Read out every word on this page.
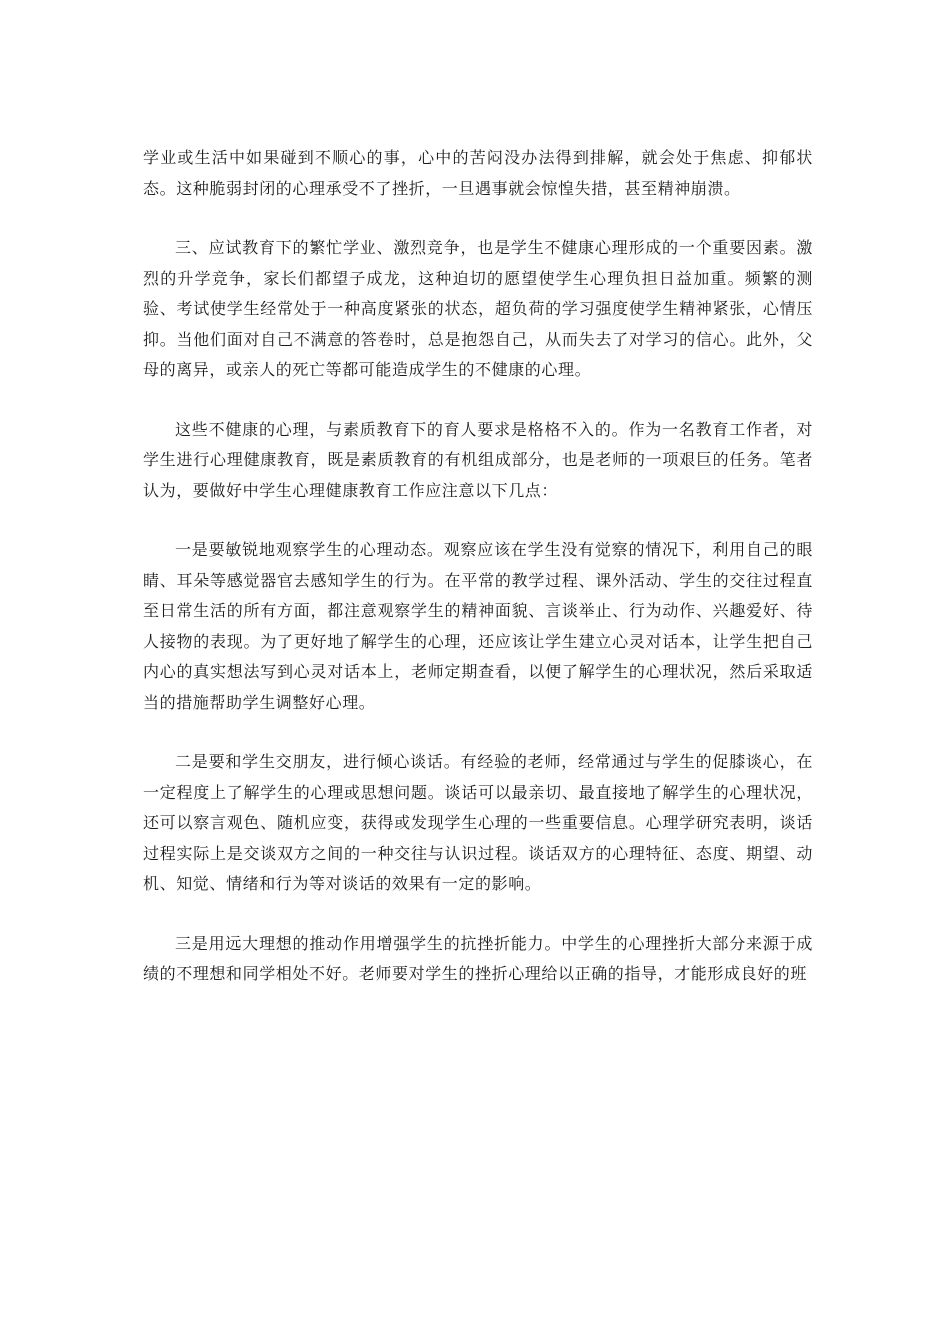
学业或生活中如果碰到不顺心的事，心中的苦闷没办法得到排解，就会处于焦虑、抑郁状态。这种脆弱封闭的心理承受不了挫折，一旦遇事就会惊惶失措，甚至精神崩溃。

三、应试教育下的繁忙学业、激烈竞争，也是学生不健康心理形成的一个重要因素。激烈的升学竞争，家长们都望子成龙，这种迫切的愿望使学生心理负担日益加重。频繁的测验、考试使学生经常处于一种高度紧张的状态，超负荷的学习强度使学生精神紧张，心情压抑。当他们面对自己不满意的答卷时，总是抱怨自己，从而失去了对学习的信心。此外，父母的离异，或亲人的死亡等都可能造成学生的不健康的心理。

这些不健康的心理，与素质教育下的育人要求是格格不入的。作为一名教育工作者，对学生进行心理健康教育，既是素质教育的有机组成部分，也是老师的一项艰巨的任务。笔者认为，要做好中学生心理健康教育工作应注意以下几点：

一是要敏锐地观察学生的心理动态。观察应该在学生没有觉察的情况下，利用自己的眼睛、耳朵等感觉器官去感知学生的行为。在平常的教学过程、课外活动、学生的交往过程直至日常生活的所有方面，都注意观察学生的精神面貌、言谈举止、行为动作、兴趣爱好、待人接物的表现。为了更好地了解学生的心理，还应该让学生建立心灵对话本，让学生把自己内心的真实想法写到心灵对话本上，老师定期查看，以便了解学生的心理状况，然后采取适当的措施帮助学生调整好心理。

二是要和学生交朋友，进行倾心谈话。有经验的老师，经常通过与学生的促膝谈心，在一定程度上了解学生的心理或思想问题。谈话可以最亲切、最直接地了解学生的心理状况，还可以察言观色、随机应变，获得或发现学生心理的一些重要信息。心理学研究表明，谈话过程实际上是交谈双方之间的一种交往与认识过程。谈话双方的心理特征、态度、期望、动机、知觉、情绪和行为等对谈话的效果有一定的影响。

三是用远大理想的推动作用增强学生的抗挫折能力。中学生的心理挫折大部分来源于成绩的不理想和同学相处不好。老师要对学生的挫折心理给以正确的指导，才能形成良好的班
